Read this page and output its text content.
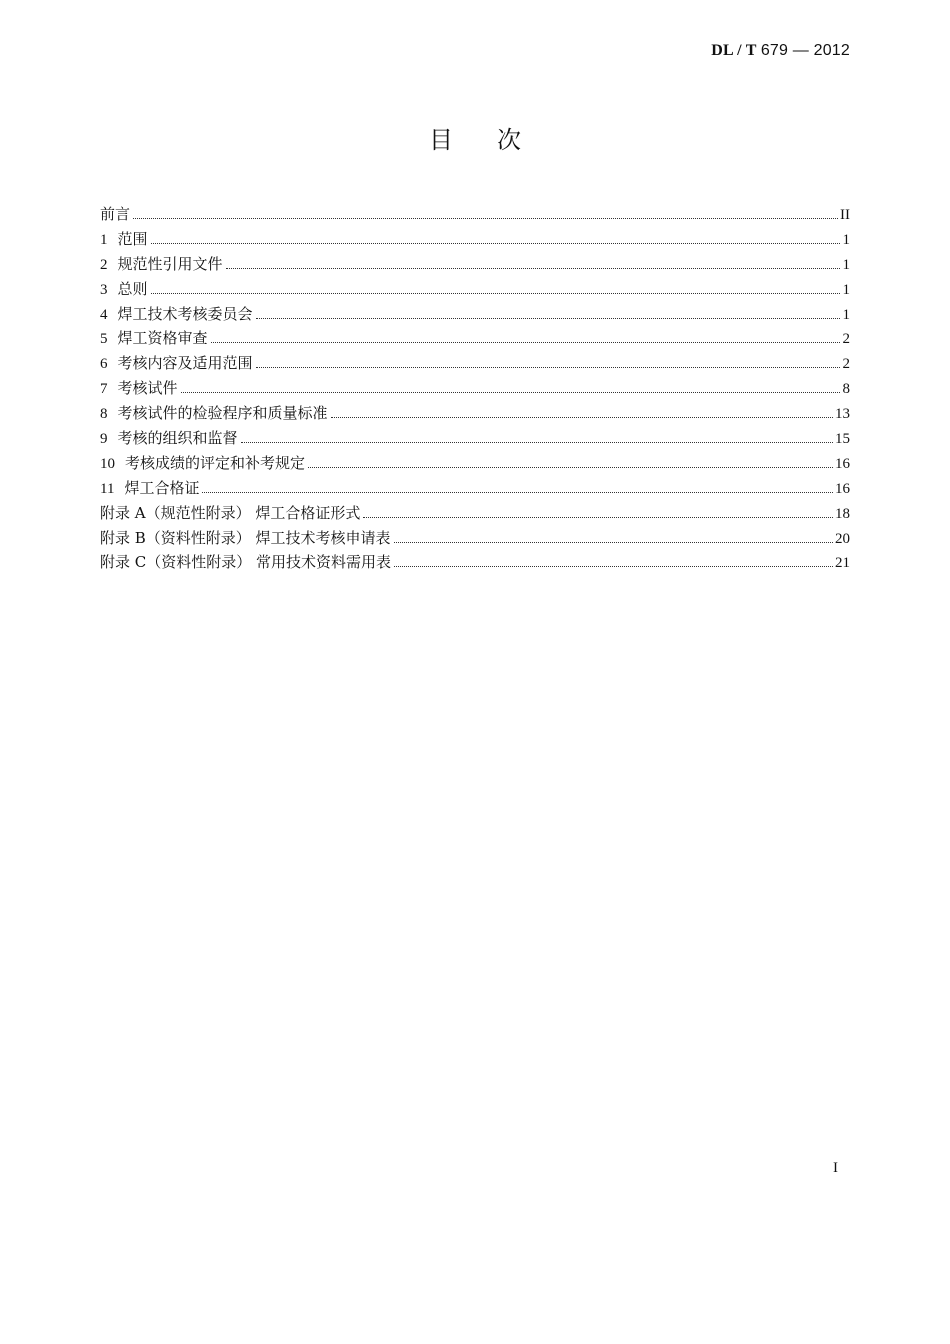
DL / T 679 — 2012
目次
前言	II
1 范围	1
2 规范性引用文件	1
3 总则	1
4 焊工技术考核委员会	1
5 焊工资格审查	2
6 考核内容及适用范围	2
7 考核试件	8
8 考核试件的检验程序和质量标准	13
9 考核的组织和监督	15
10 考核成绩的评定和补考规定	16
11 焊工合格证	16
附录 A（规范性附录） 焊工合格证形式	18
附录 B（资料性附录） 焊工技术考核申请表	20
附录 C（资料性附录） 常用技术资料需用表	21
I
